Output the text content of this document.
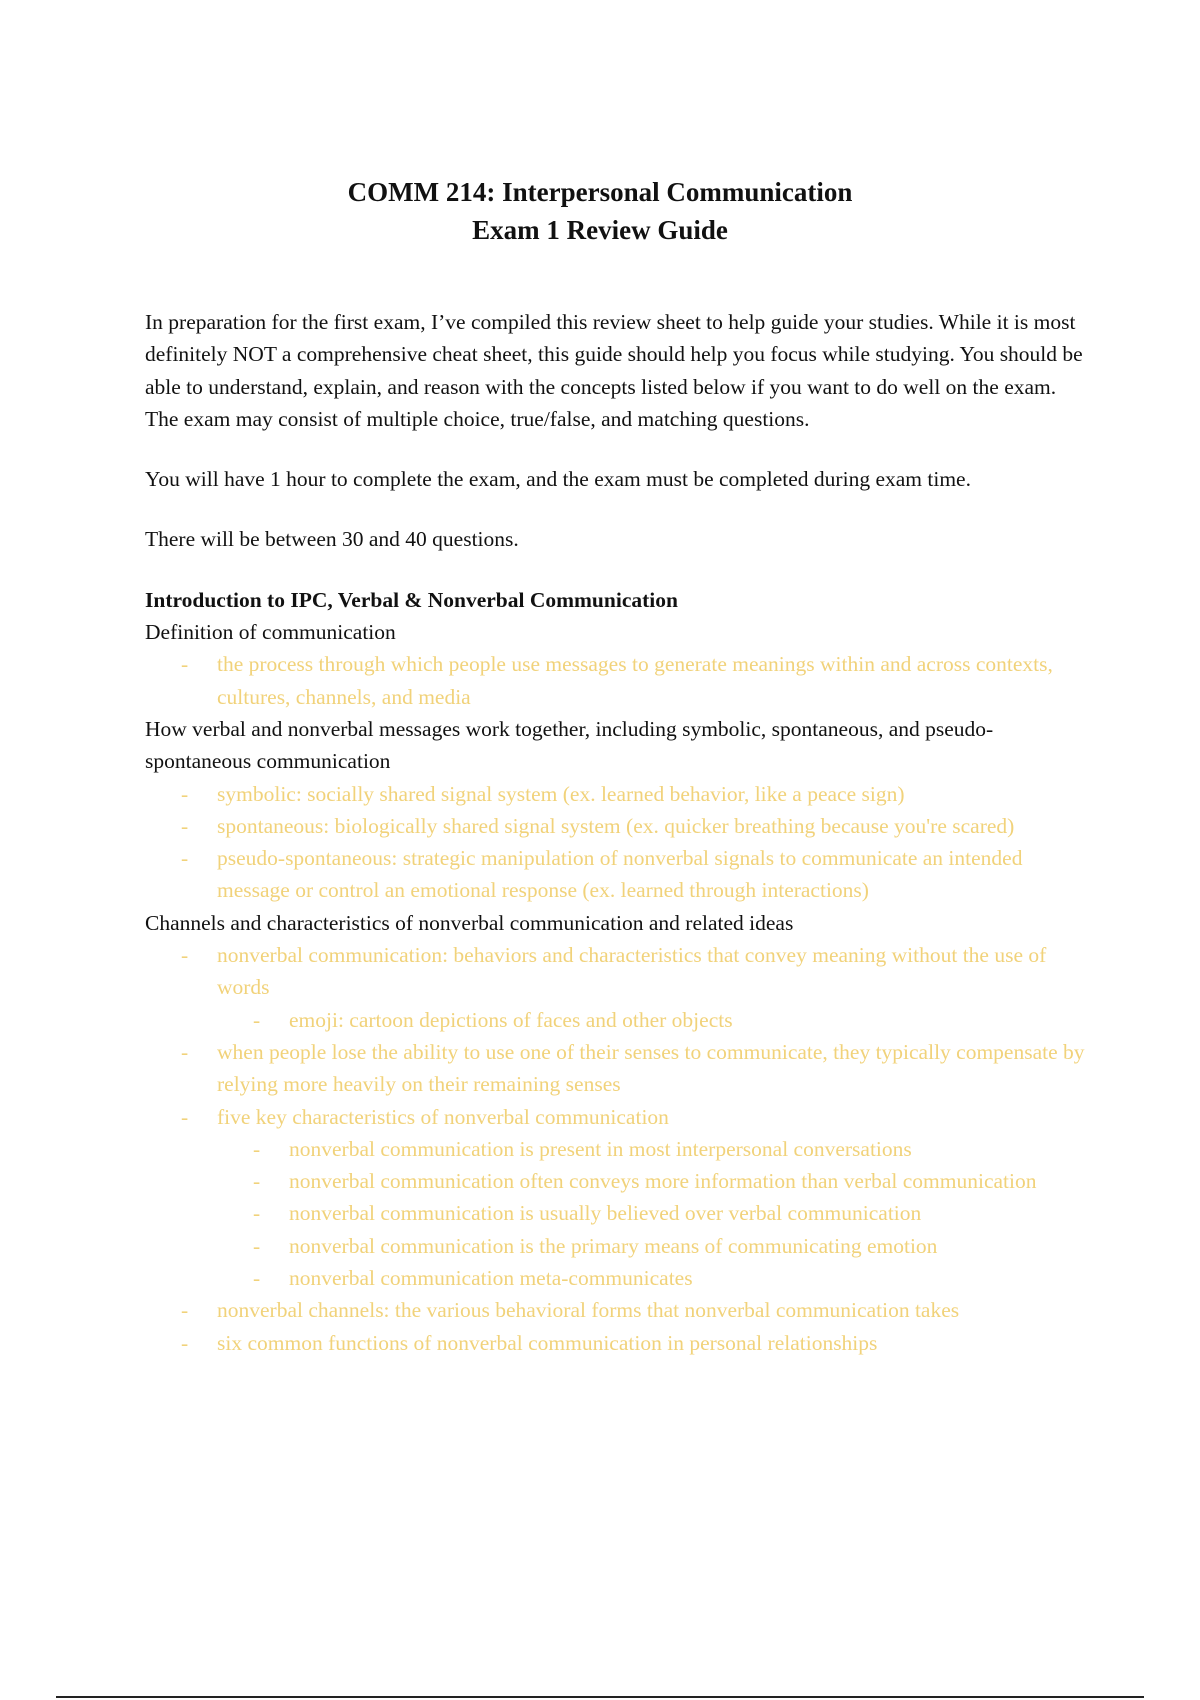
COMM 214: Interpersonal Communication
Exam 1 Review Guide

In preparation for the first exam, I’ve compiled this review sheet to help guide your studies. While it is most definitely NOT a comprehensive cheat sheet, this guide should help you focus while studying. You should be able to understand, explain, and reason with the concepts listed below if you want to do well on the exam. The exam may consist of multiple choice, true/false, and matching questions.

You will have 1 hour to complete the exam, and the exam must be completed during exam time.

There will be between 30 and 40 questions.

Introduction to IPC, Verbal & Nonverbal Communication

Definition of communication

- the process through which people use messages to generate meanings within and across contexts, cultures, channels, and media

How verbal and nonverbal messages work together, including symbolic, spontaneous, and pseudo-spontaneous communication

- symbolic: socially shared signal system (ex. learned behavior, like a peace sign)

- spontaneous: biologically shared signal system (ex. quicker breathing because you're scared)

- pseudo-spontaneous: strategic manipulation of nonverbal signals to communicate an intended message or control an emotional response (ex. learned through interactions)

Channels and characteristics of nonverbal communication and related ideas

- nonverbal communication: behaviors and characteristics that convey meaning without the use of words

- emoji: cartoon depictions of faces and other objects

- when people lose the ability to use one of their senses to communicate, they typically compensate by relying more heavily on their remaining senses

- five key characteristics of nonverbal communication

- nonverbal communication is present in most interpersonal conversations

- nonverbal communication often conveys more information than verbal communication

- nonverbal communication is usually believed over verbal communication

- nonverbal communication is the primary means of communicating emotion

- nonverbal communication meta-communicates

- nonverbal channels: the various behavioral forms that nonverbal communication takes

- six common functions of nonverbal communication in personal relationships
